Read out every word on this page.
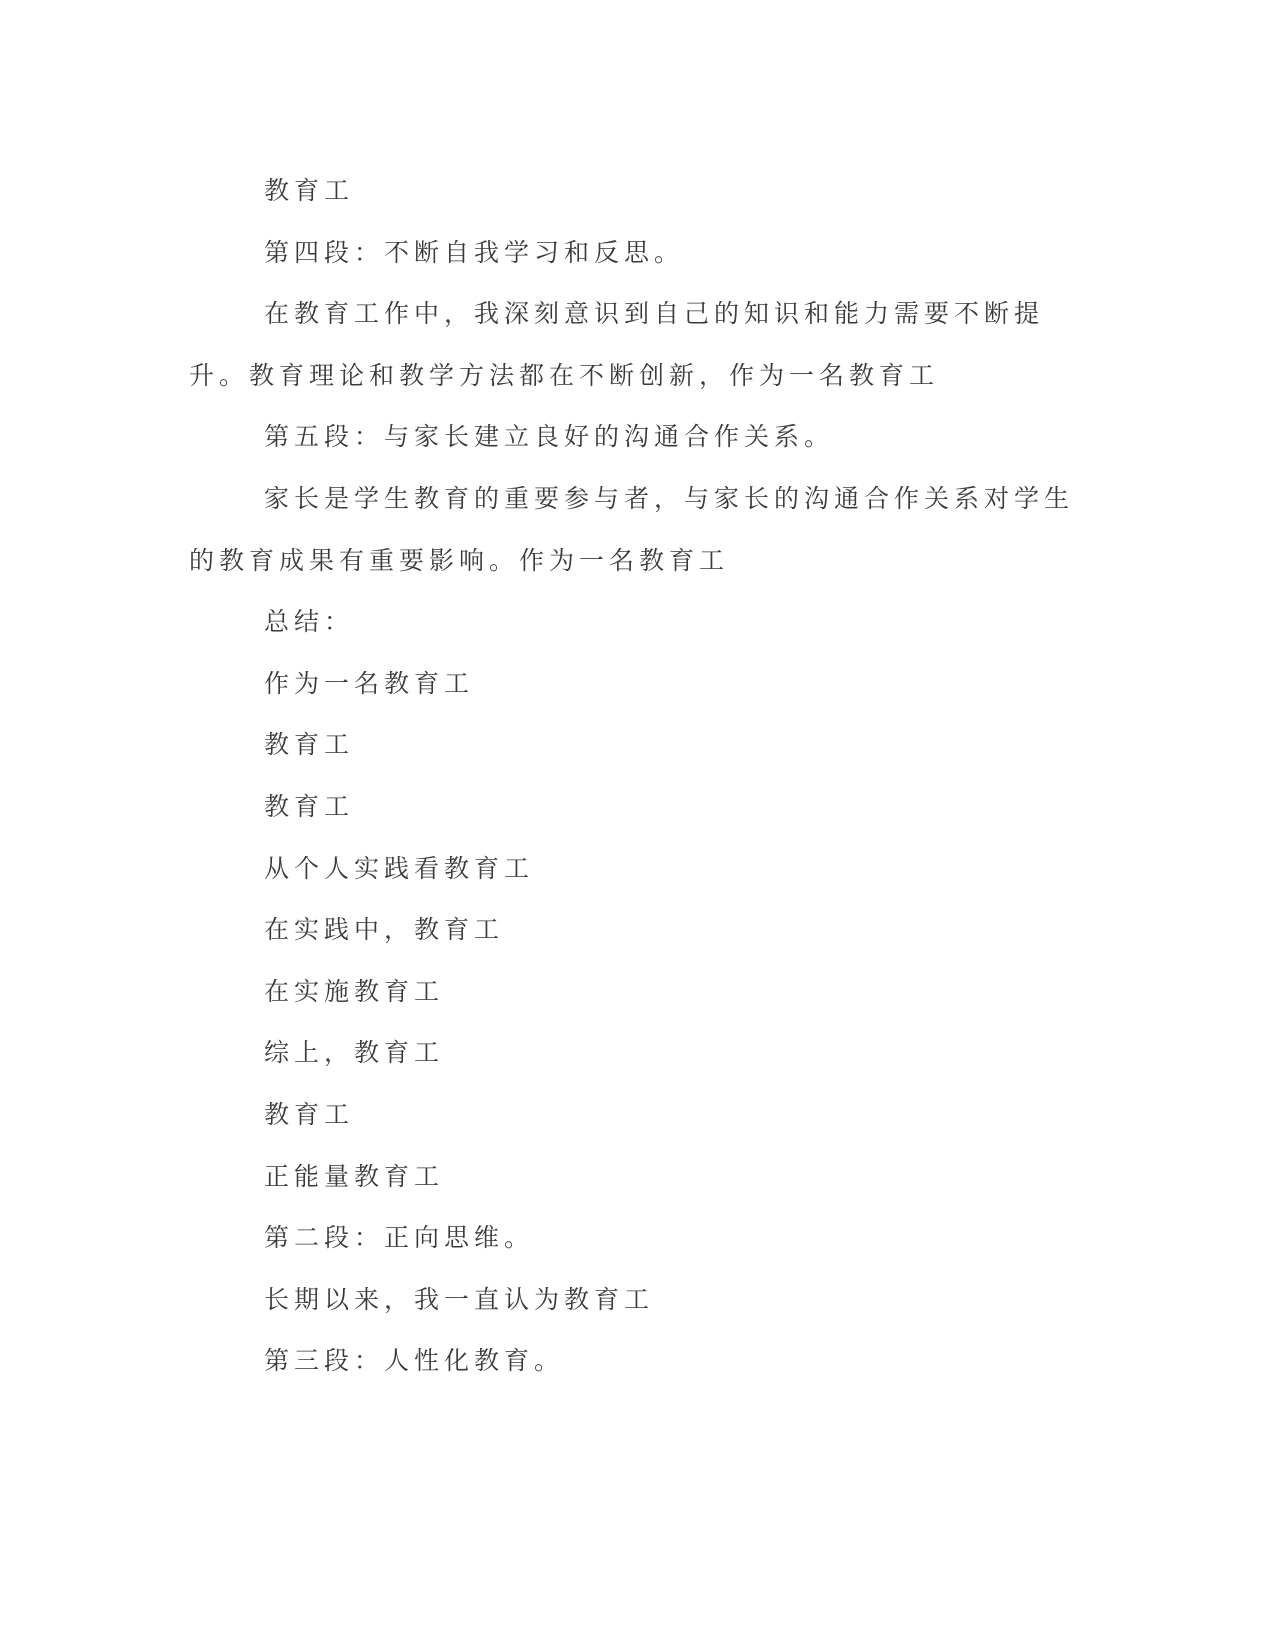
教育工

第四段：不断自我学习和反思。

在教育工作中，我深刻意识到自己的知识和能力需要不断提升。教育理论和教学方法都在不断创新，作为一名教育工

第五段：与家长建立良好的沟通合作关系。

家长是学生教育的重要参与者，与家长的沟通合作关系对学生的教育成果有重要影响。作为一名教育工

总结：

作为一名教育工

教育工

教育工

从个人实践看教育工

在实践中，教育工

在实施教育工

综上，教育工

教育工

正能量教育工

第二段：正向思维。

长期以来，我一直认为教育工

第三段：人性化教育。
